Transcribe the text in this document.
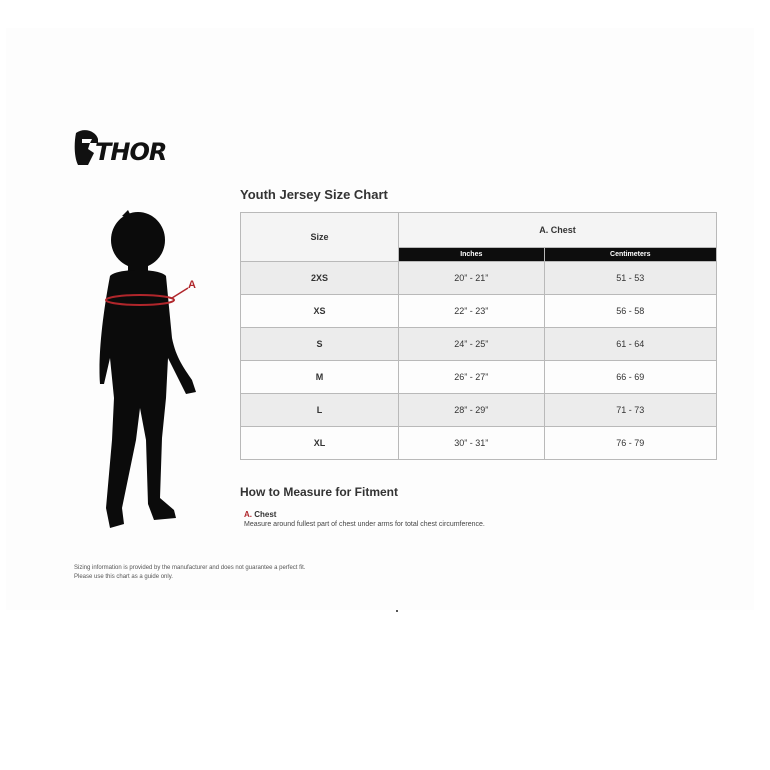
THOR
Youth Jersey Size Chart
A
Size	A. Chest	
	Inches	Centimeters
2XS	20” - 21”	51 - 53
XS	22” - 23”	56 - 58
S	24” - 25”	61 - 64
M	26” - 27”	66 - 69
L	28” - 29”	71 - 73
XL	30” - 31”	76 - 79
How to Measure for Fitment
A. Chest
Measure around fullest part of chest under arms for total chest circumference.
Sizing information is provided by the manufacturer and does not guarantee a perfect fit.
Please use this chart as a guide only.
